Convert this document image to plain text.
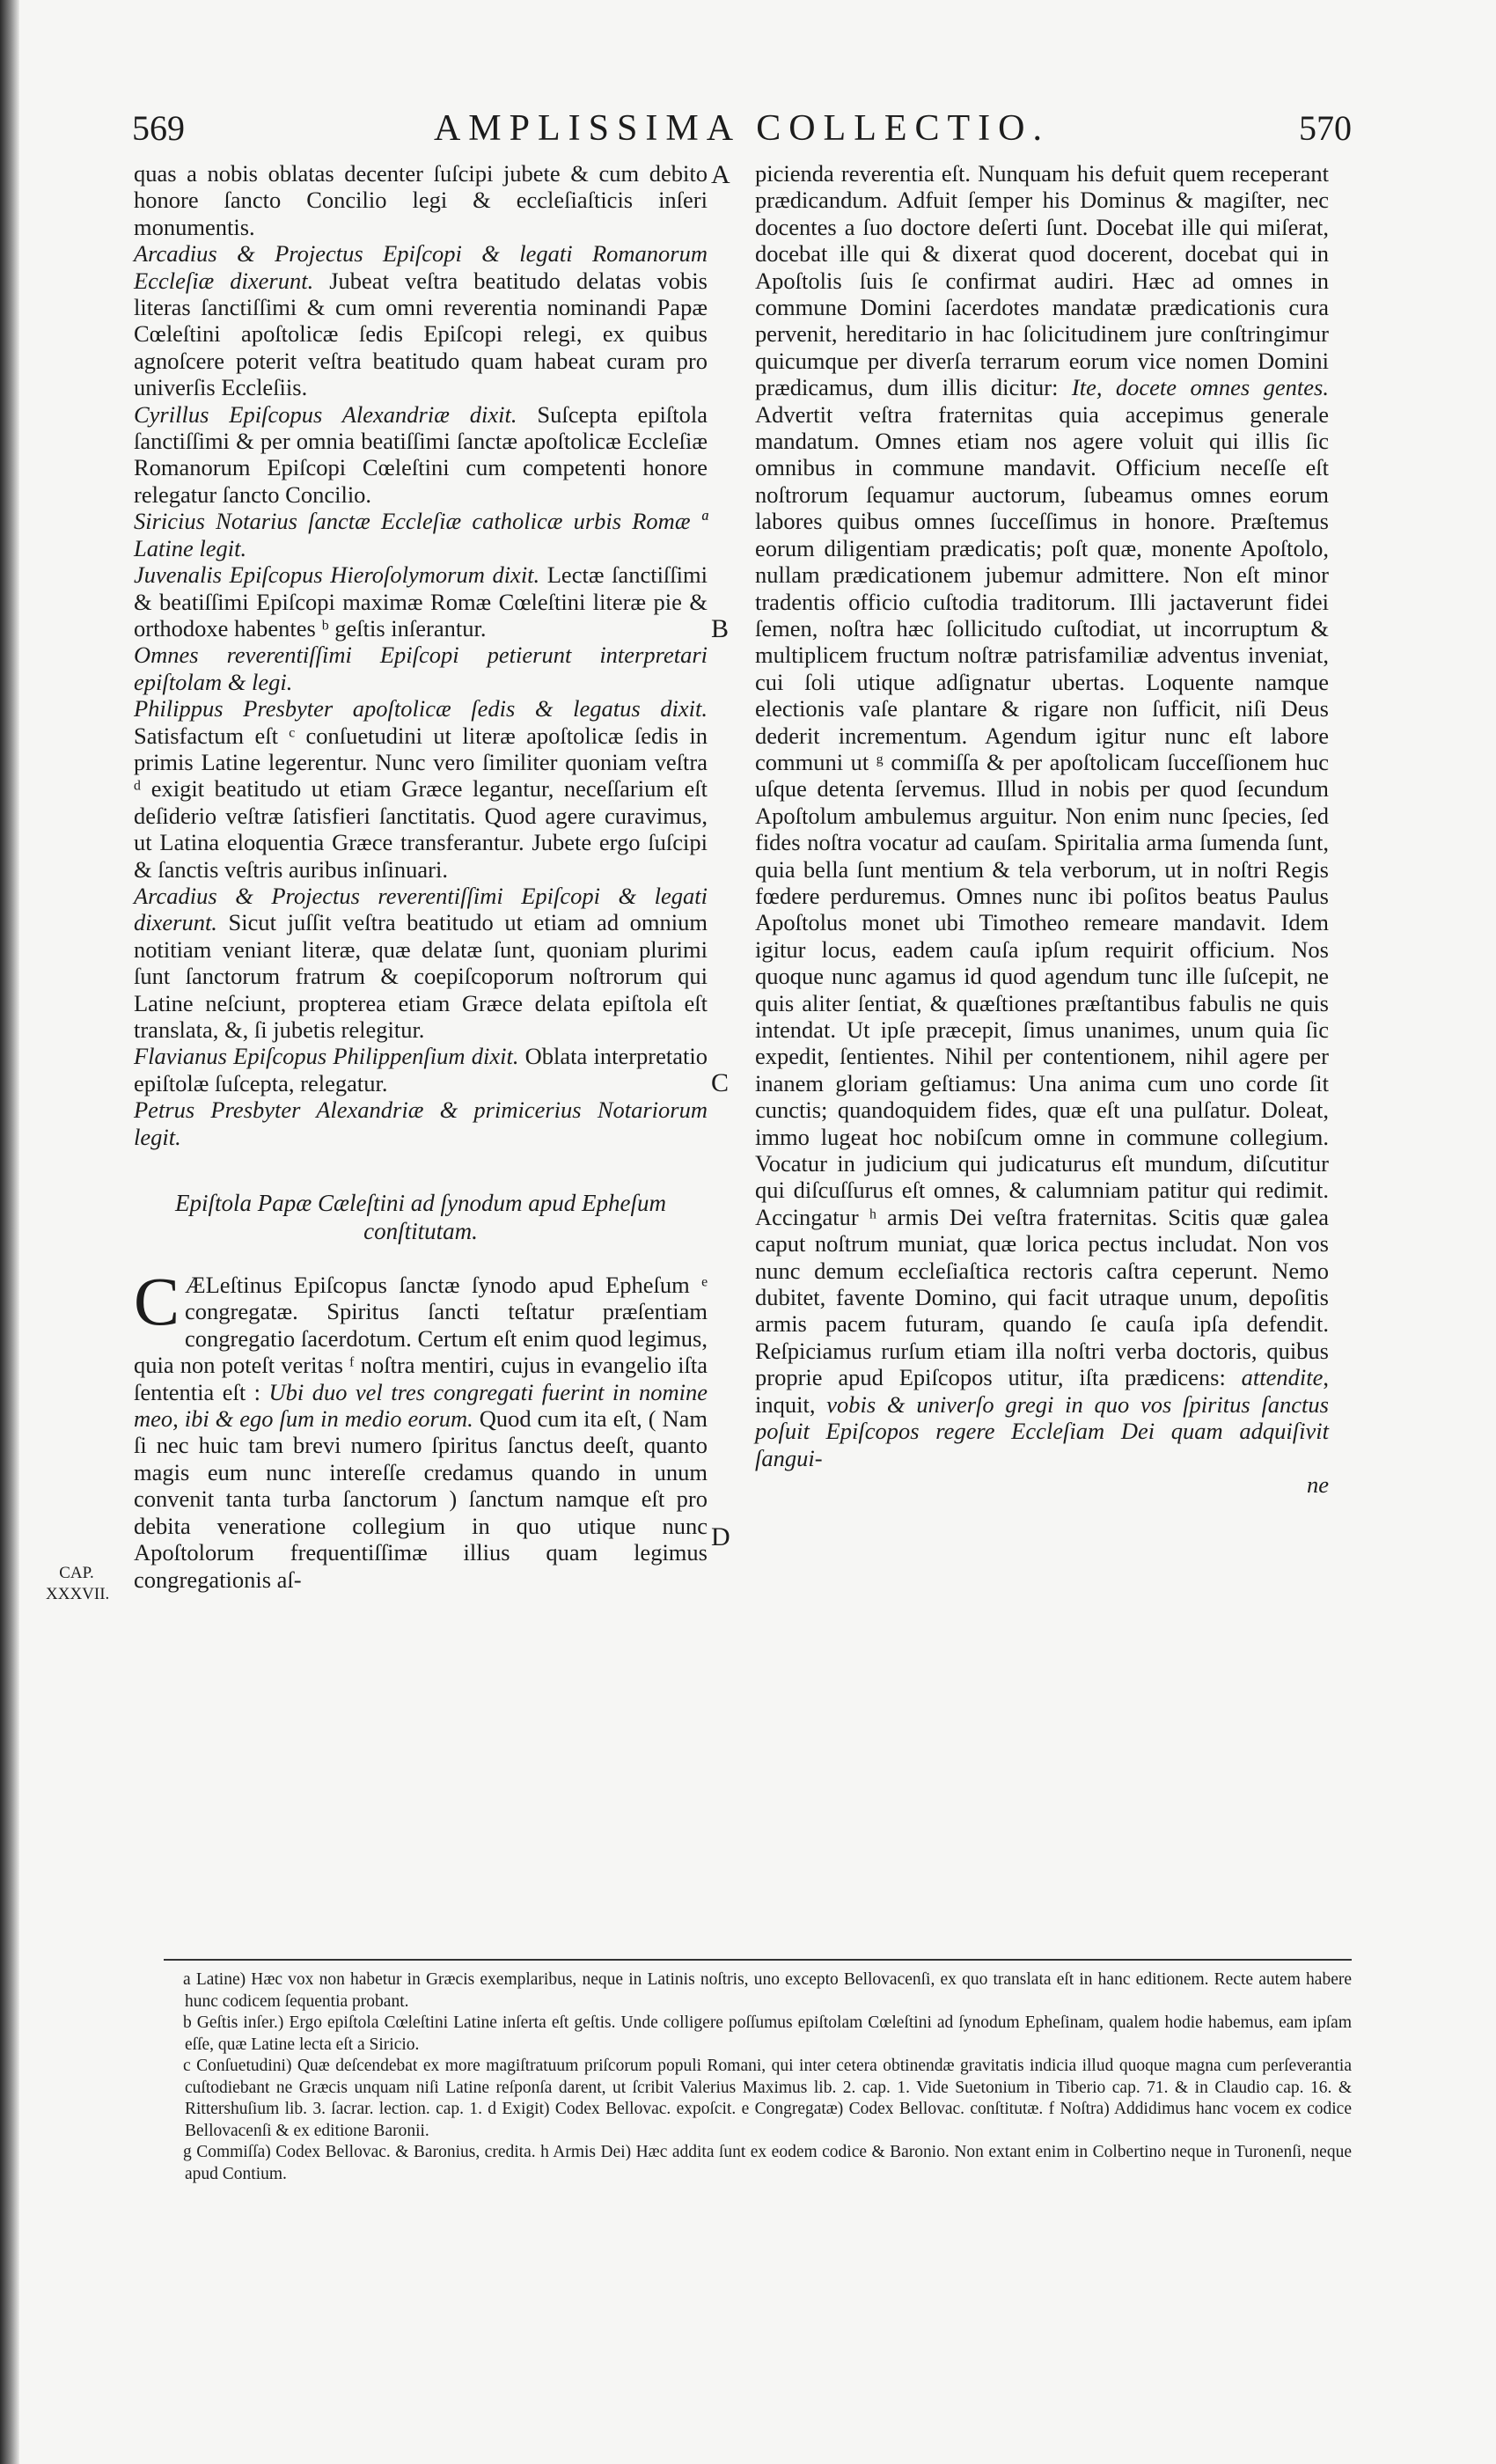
569	AMPLISSIMA COLLECTIO.	570

quas a nobis oblatas decenter ſuſcipi jubete & cum debito honore ſancto Concilio legi & eccleſiaſticis inſeri monumentis.

Arcadius & Projectus Epiſcopi & legati Romanorum Eccleſiæ dixerunt. Jubeat veſtra beatitudo delatas vobis literas ſanctiſſimi & cum omni reverentia nominandi Papæ Cœleſtini apoſtolicæ ſedis Epiſcopi relegi, ex quibus agnoſcere poterit veſtra beatitudo quam habeat curam pro univerſis Eccleſiis.

Cyrillus Epiſcopus Alexandriæ dixit. Suſcepta epiſtola ſanctiſſimi & per omnia beatiſſimi ſanctæ apoſtolicæ Eccleſiæ Romanorum Epiſcopi Cœleſtini cum competenti honore relegatur ſancto Concilio.

Siricius Notarius ſanctæ Eccleſiæ catholicæ urbis Romæ ª Latine legit.

Juvenalis Epiſcopus Hieroſolymorum dixit. Lectæ ſanctiſſimi & beatiſſimi Epiſcopi maximæ Romæ Cœleſtini literæ pie & orthodoxe habentes ᵇ geſtis inſerantur.

Omnes reverentiſſimi Epiſcopi petierunt interpretari epiſtolam & legi.

Philippus Presbyter apoſtolicæ ſedis & legatus dixit. Satisfactum eſt ᶜ conſuetudini ut literæ apoſtolicæ ſedis in primis Latine legerentur. Nunc vero ſimiliter quoniam veſtra ᵈ exigit beatitudo ut etiam Græce legantur, neceſſarium eſt deſiderio veſtræ ſatisfieri ſanctitatis. Quod agere curavimus, ut Latina eloquentia Græce transferantur. Jubete ergo ſuſcipi & ſanctis veſtris auribus inſinuari.

Arcadius & Projectus reverentiſſimi Epiſcopi & legati dixerunt. Sicut juſſit veſtra beatitudo ut etiam ad omnium notitiam veniant literæ, quæ delatæ ſunt, quoniam plurimi ſunt ſanctorum fratrum & coepiſcoporum noſtrorum qui Latine neſciunt, propterea etiam Græce delata epiſtola eſt translata, &, ſi jubetis relegitur.

Flavianus Epiſcopus Philippenſium dixit. Oblata interpretatio epiſtolæ ſuſcepta, relegatur.

Petrus Presbyter Alexandriæ & primicerius Notariorum legit.

Epiſtola Papæ Cæleſtini ad ſynodum apud Epheſum conſtitutam.

C ÆLeſtinus Epiſcopus ſanctæ ſynodo apud Epheſum ᵉ congregatæ. Spiritus ſancti teſtatur præſentiam congregatio ſacerdotum. Certum eſt enim quod legimus, quia non poteſt veritas ᶠ noſtra mentiri, cujus in evangelio iſta ſententia eſt : Ubi duo vel tres congregati fuerint in nomine meo, ibi & ego ſum in medio eorum. Quod cum ita eſt, ( Nam ſi nec huic tam brevi numero ſpiritus ſanctus deeſt, quanto magis eum nunc intereſſe credamus quando in unum convenit tanta turba ſanctorum ) ſanctum namque eſt pro debita veneratione collegium in quo utique nunc Apoſtolorum frequentiſſimæ illius quam legimus congregationis aſ-

picienda reverentia eſt. Nunquam his defuit quem receperant prædicandum. Adfuit ſemper his Dominus & magiſter, nec docentes a ſuo doctore deſerti ſunt. Docebat ille qui miſerat, docebat ille qui & dixerat quod docerent, docebat qui in Apoſtolis ſuis ſe confirmat audiri. Hæc ad omnes in commune Domini ſacerdotes mandatæ prædicationis cura pervenit, hereditario in hac ſolicitudinem jure conſtringimur quicumque per diverſa terrarum eorum vice nomen Domini prædicamus, dum illis dicitur: Ite, docete omnes gentes. Advertit veſtra fraternitas quia accepimus generale mandatum. Omnes etiam nos agere voluit qui illis ſic omnibus in commune mandavit. Officium neceſſe eſt noſtrorum ſequamur auctorum, ſubeamus omnes eorum labores quibus omnes ſucceſſimus in honore. Præſtemus eorum diligentiam prædicatis; poſt quæ, monente Apoſtolo, nullam prædicationem jubemur admittere. Non eſt minor tradentis officio cuſtodia traditorum. Illi jactaverunt fidei ſemen, noſtra hæc ſollicitudo cuſtodiat, ut incorruptum & multiplicem fructum noſtræ patrisfamiliæ adventus inveniat, cui ſoli utique adſignatur ubertas. Loquente namque electionis vaſe plantare & rigare non ſufficit, niſi Deus dederit incrementum. Agendum igitur nunc eſt labore communi ut ᵍ commiſſa & per apoſtolicam ſucceſſionem huc uſque detenta ſervemus. Illud in nobis per quod ſecundum Apoſtolum ambulemus arguitur. Non enim nunc ſpecies, ſed fides noſtra vocatur ad cauſam. Spiritalia arma ſumenda ſunt, quia bella ſunt mentium & tela verborum, ut in noſtri Regis fœdere perduremus. Omnes nunc ibi poſitos beatus Paulus Apoſtolus monet ubi Timotheo remeare mandavit. Idem igitur locus, eadem cauſa ipſum requirit officium. Nos quoque nunc agamus id quod agendum tunc ille ſuſcepit, ne quis aliter ſentiat, & quæſtiones præſtantibus fabulis ne quis intendat. Ut ipſe præcepit, ſimus unanimes, unum quia ſic expedit, ſentientes. Nihil per contentionem, nihil agere per inanem gloriam geſtiamus: Una anima cum uno corde ſit cunctis; quandoquidem fides, quæ eſt una pulſatur. Doleat, immo lugeat hoc nobiſcum omne in commune collegium. Vocatur in judicium qui judicaturus eſt mundum, diſcutitur qui diſcuſſurus eſt omnes, & calumniam patitur qui redimit. Accingatur ʰ armis Dei veſtra fraternitas. Scitis quæ galea caput noſtrum muniat, quæ lorica pectus includat. Non vos nunc demum eccleſiaſtica rectoris caſtra ceperunt. Nemo dubitet, favente Domino, qui facit utraque unum, depoſitis armis pacem futuram, quando ſe cauſa ipſa defendit. Reſpiciamus rurſum etiam illa noſtri verba doctoris, quibus proprie apud Epiſcopos utitur, iſta prædicens: attendite, inquit, vobis & univerſo gregi in quo vos ſpiritus ſanctus poſuit Epiſcopos regere Eccleſiam Dei quam adquiſivit ſangui-

ne

A
B
C
D
CAP.
XXXVII.

a Latine) Hæc vox non habetur in Græcis exemplaribus, neque in Latinis noſtris, uno excepto Bellovacenſi, ex quo translata eſt in hanc editionem. Recte autem habere hunc codicem ſequentia probant.

b Geſtis inſer.) Ergo epiſtola Cœleſtini Latine inſerta eſt geſtis. Unde colligere poſſumus epiſtolam Cœleſtini ad ſynodum Epheſinam, qualem hodie habemus, eam ipſam eſſe, quæ Latine lecta eſt a Siricio.

c Conſuetudini) Quæ deſcendebat ex more magiſtratuum priſcorum populi Romani, qui inter cetera obtinendæ gravitatis indicia illud quoque magna cum perſeverantia cuſtodiebant ne Græcis unquam niſi Latine reſponſa darent, ut ſcribit Valerius Maximus lib. 2. cap. 1. Vide Suetonium in Tiberio cap. 71. & in Claudio cap. 16. & Rittershuſium lib. 3. ſacrar. lection. cap. 1. d Exigit) Codex Bellovac. expoſcit. e Congregatæ) Codex Bellovac. conſtitutæ. f Noſtra) Addidimus hanc vocem ex codice Bellovacenſi & ex editione Baronii.

g Commiſſa) Codex Bellovac. & Baronius, credita. h Armis Dei) Hæc addita ſunt ex eodem codice & Baronio. Non extant enim in Colbertino neque in Turonenſi, neque apud Contium.
